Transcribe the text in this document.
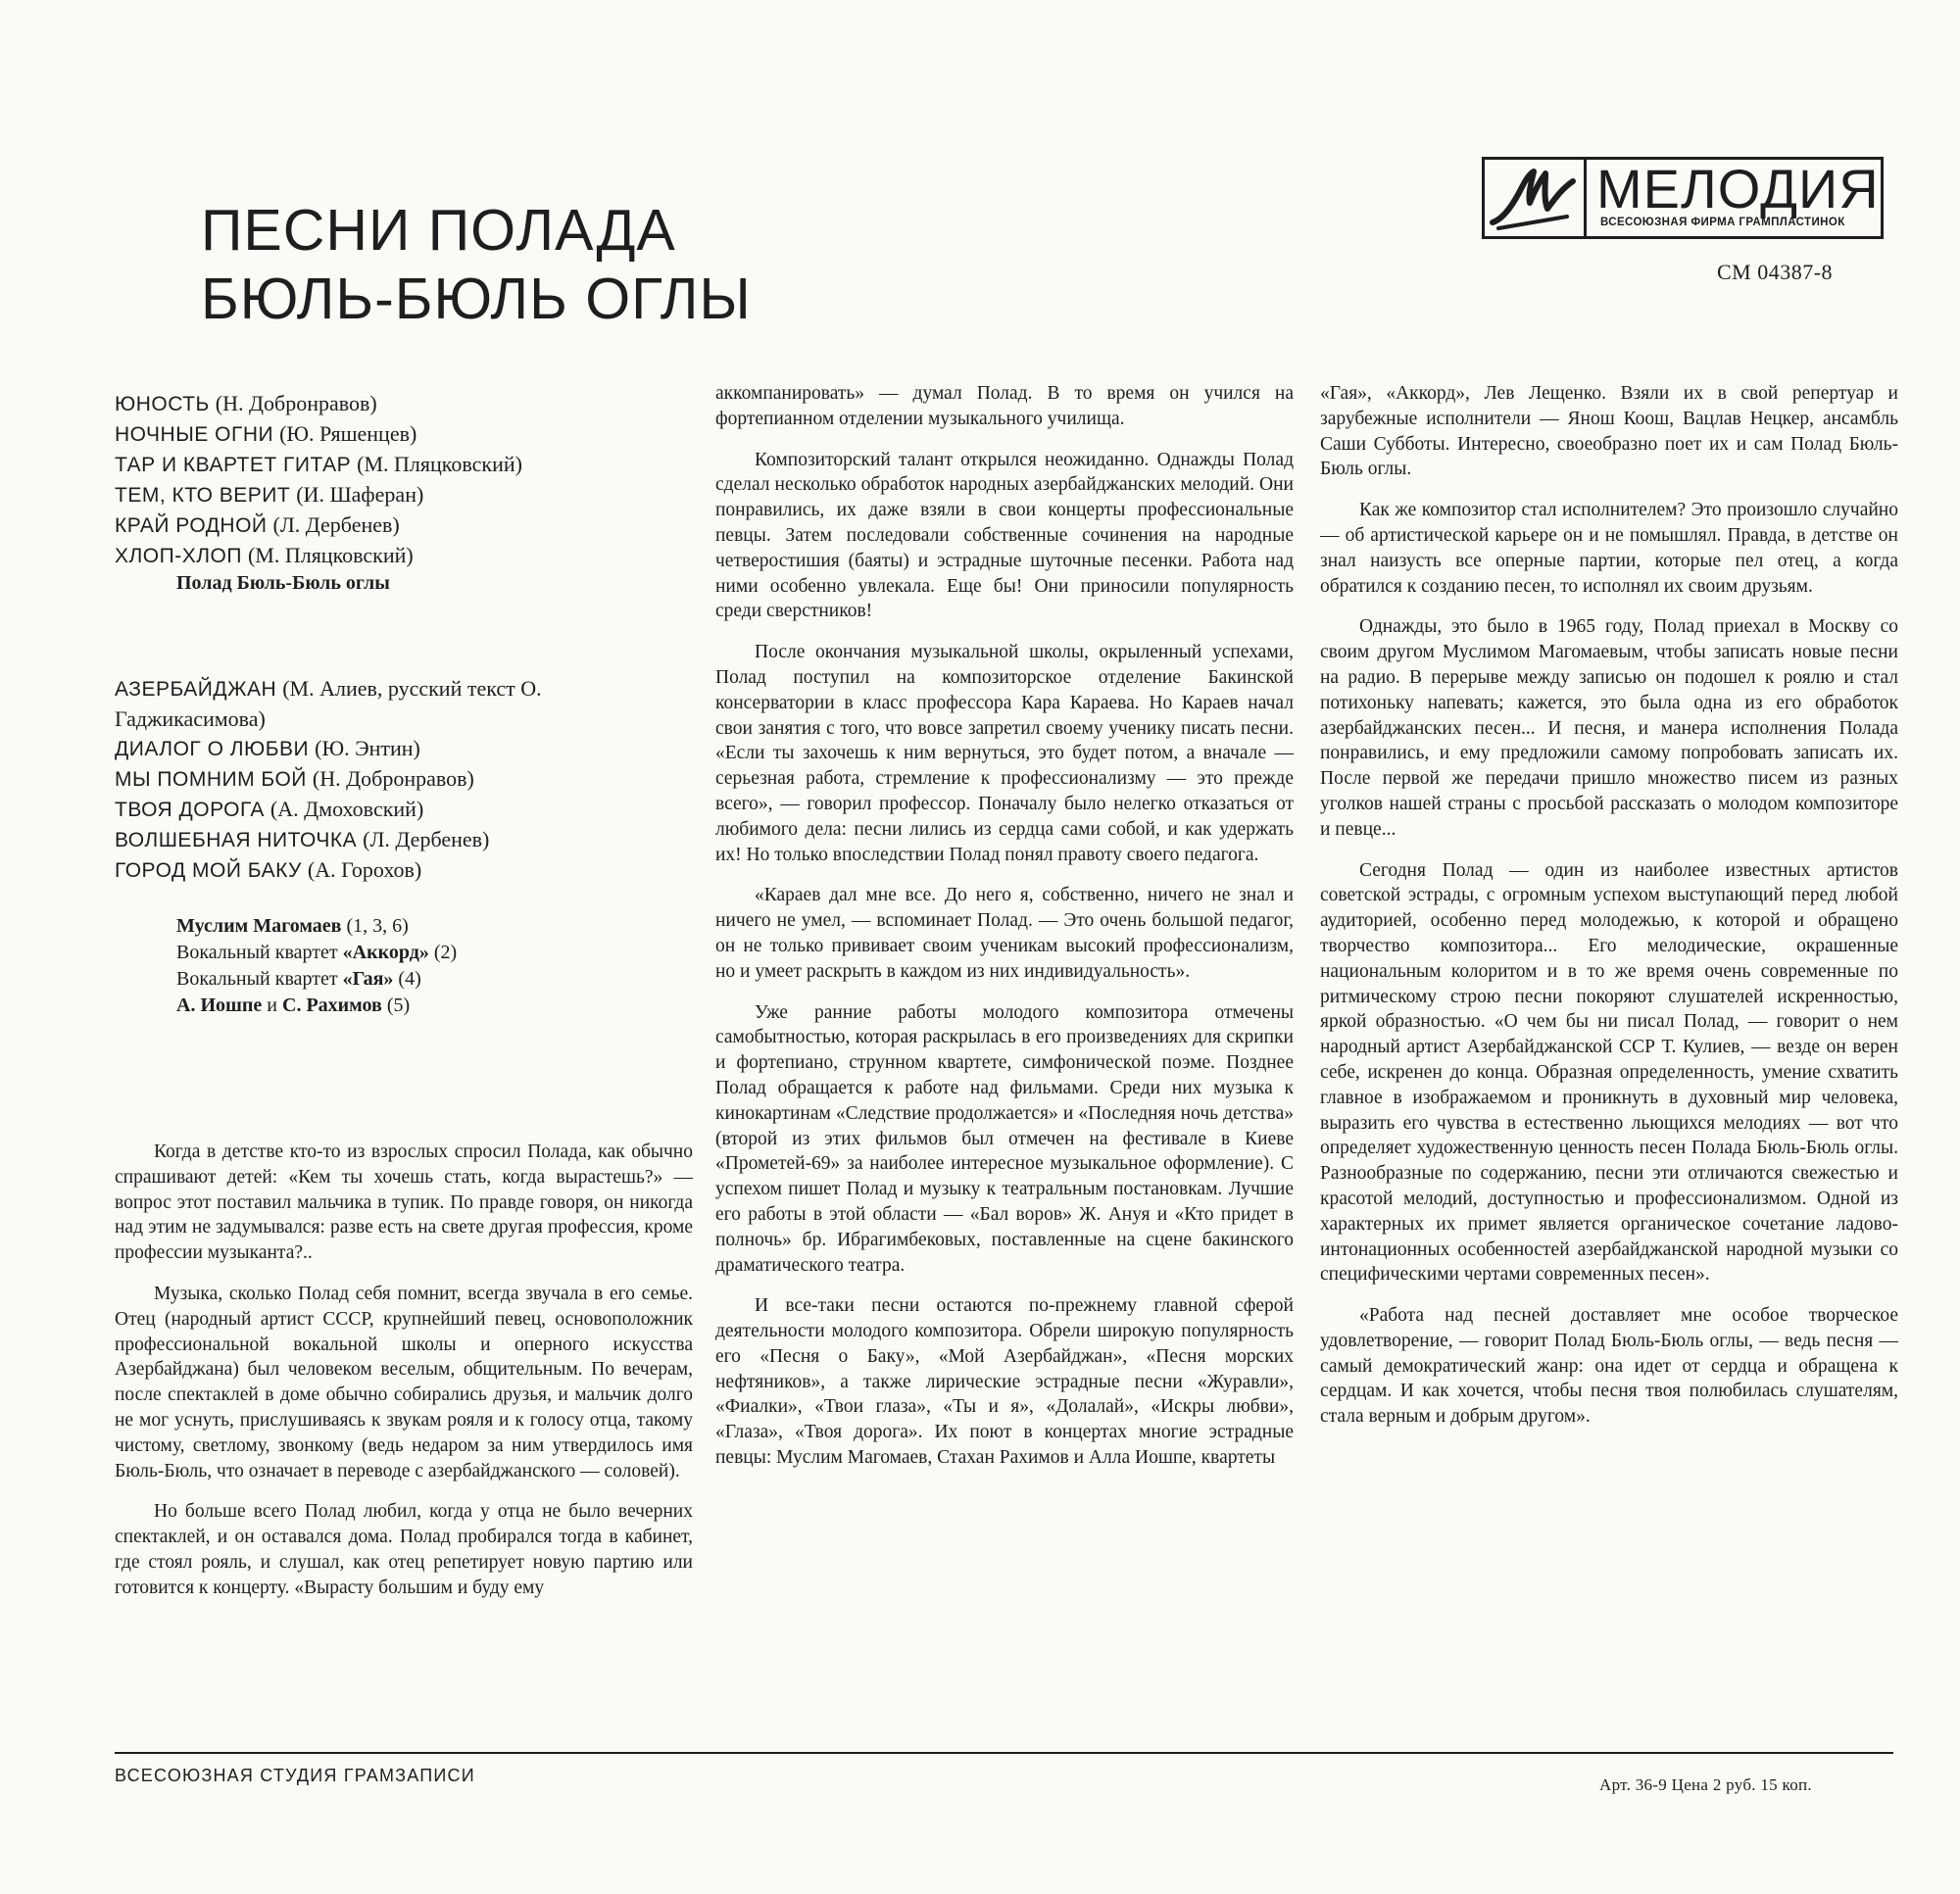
МЕЛОДИЯ
ВСЕСОЮЗНАЯ ФИРМА ГРАМПЛАСТИНОК
СМ 04387-8
ПЕСНИ ПОЛАДА
БЮЛЬ-БЮЛЬ ОГЛЫ
ЮНОСТЬ (Н. Добронравов)
НОЧНЫЕ ОГНИ (Ю. Ряшенцев)
ТАР И КВАРТЕТ ГИТАР (М. Пляцковский)
ТЕМ, КТО ВЕРИТ (И. Шаферан)
КРАЙ РОДНОЙ (Л. Дербенев)
ХЛОП-ХЛОП (М. Пляцковский)
Полад Бюль-Бюль оглы
АЗЕРБАЙДЖАН (М. Алиев, русский текст О. Гаджикасимова)
ДИАЛОГ О ЛЮБВИ (Ю. Энтин)
МЫ ПОМНИМ БОЙ (Н. Добронравов)
ТВОЯ ДОРОГА (А. Дмоховский)
ВОЛШЕБНАЯ НИТОЧКА (Л. Дербенев)
ГОРОД МОЙ БАКУ (А. Горохов)
Муслим Магомаев (1, 3, 6)
Вокальный квартет «Аккорд» (2)
Вокальный квартет «Гая» (4)
А. Иошпе и С. Рахимов (5)

Когда в детстве кто-то из взрослых спросил Полада, как обычно спрашивают детей: «Кем ты хочешь стать, когда вырастешь?» — вопрос этот поставил мальчика в тупик. По правде говоря, он никогда над этим не задумывался: разве есть на свете другая профессия, кроме профессии музыканта?..

Музыка, сколько Полад себя помнит, всегда звучала в его семье. Отец (народный артист СССР, крупнейший певец, основоположник профессиональной вокальной школы и оперного искусства Азербайджана) был человеком веселым, общительным. По вечерам, после спектаклей в доме обычно собирались друзья, и мальчик долго не мог уснуть, прислушиваясь к звукам рояля и к голосу отца, такому чистому, светлому, звонкому (ведь недаром за ним утвердилось имя Бюль-Бюль, что означает в переводе с азербайджанского — соловей).

Но больше всего Полад любил, когда у отца не было вечерних спектаклей, и он оставался дома. Полад пробирался тогда в кабинет, где стоял рояль, и слушал, как отец репетирует новую партию или готовится к концерту. «Вырасту большим и буду ему

аккомпанировать» — думал Полад. В то время он учился на фортепианном отделении музыкального училища.

Композиторский талант открылся неожиданно. Однажды Полад сделал несколько обработок народных азербайджанских мелодий. Они понравились, их даже взяли в свои концерты профессиональные певцы. Затем последовали собственные сочинения на народные четверостишия (баяты) и эстрадные шуточные песенки. Работа над ними особенно увлекала. Еще бы! Они приносили популярность среди сверстников!

После окончания музыкальной школы, окрыленный успехами, Полад поступил на композиторское отделение Бакинской консерватории в класс профессора Кара Караева. Но Караев начал свои занятия с того, что вовсе запретил своему ученику писать песни. «Если ты захочешь к ним вернуться, это будет потом, а вначале — серьезная работа, стремление к профессионализму — это прежде всего», — говорил профессор. Поначалу было нелегко отказаться от любимого дела: песни лились из сердца сами собой, и как удержать их! Но только впоследствии Полад понял правоту своего педагога.

«Караев дал мне все. До него я, собственно, ничего не знал и ничего не умел, — вспоминает Полад. — Это очень большой педагог, он не только прививает своим ученикам высокий профессионализм, но и умеет раскрыть в каждом из них индивидуальность».

Уже ранние работы молодого композитора отмечены самобытностью, которая раскрылась в его произведениях для скрипки и фортепиано, струнном квартете, симфонической поэме. Позднее Полад обращается к работе над фильмами. Среди них музыка к кинокартинам «Следствие продолжается» и «Последняя ночь детства» (второй из этих фильмов был отмечен на фестивале в Киеве «Прометей-69» за наиболее интересное музыкальное оформление). С успехом пишет Полад и музыку к театральным постановкам. Лучшие его работы в этой области — «Бал воров» Ж. Ануя и «Кто придет в полночь» бр. Ибрагимбековых, поставленные на сцене бакинского драматического театра.

И все-таки песни остаются по-прежнему главной сферой деятельности молодого композитора. Обрели широкую популярность его «Песня о Баку», «Мой Азербайджан», «Песня морских нефтяников», а также лирические эстрадные песни «Журавли», «Фиалки», «Твои глаза», «Ты и я», «Долалай», «Искры любви», «Глаза», «Твоя дорога». Их поют в концертах многие эстрадные певцы: Муслим Магомаев, Стахан Рахимов и Алла Иошпе, квартеты

«Гая», «Аккорд», Лев Лещенко. Взяли их в свой репертуар и зарубежные исполнители — Янош Коош, Вацлав Нецкер, ансамбль Саши Субботы. Интересно, своеобразно поет их и сам Полад Бюль-Бюль оглы.

Как же композитор стал исполнителем? Это произошло случайно — об артистической карьере он и не помышлял. Правда, в детстве он знал наизусть все оперные партии, которые пел отец, а когда обратился к созданию песен, то исполнял их своим друзьям.

Однажды, это было в 1965 году, Полад приехал в Москву со своим другом Муслимом Магомаевым, чтобы записать новые песни на радио. В перерыве между записью он подошел к роялю и стал потихоньку напевать; кажется, это была одна из его обработок азербайджанских песен... И песня, и манера исполнения Полада понравились, и ему предложили самому попробовать записать их. После первой же передачи пришло множество писем из разных уголков нашей страны с просьбой рассказать о молодом композиторе и певце...

Сегодня Полад — один из наиболее известных артистов советской эстрады, с огромным успехом выступающий перед любой аудиторией, особенно перед молодежью, к которой и обращено творчество композитора... Его мелодические, окрашенные национальным колоритом и в то же время очень современные по ритмическому строю песни покоряют слушателей искренностью, яркой образностью. «О чем бы ни писал Полад, — говорит о нем народный артист Азербайджанской ССР Т. Кулиев, — везде он верен себе, искренен до конца. Образная определенность, умение схватить главное в изображаемом и проникнуть в духовный мир человека, выразить его чувства в естественно льющихся мелодиях — вот что определяет художественную ценность песен Полада Бюль-Бюль оглы. Разнообразные по содержанию, песни эти отличаются свежестью и красотой мелодий, доступностью и профессионализмом. Одной из характерных их примет является органическое сочетание ладово-интонационных особенностей азербайджанской народной музыки со специфическими чертами современных песен».

«Работа над песней доставляет мне особое творческое удовлетворение, — говорит Полад Бюль-Бюль оглы, — ведь песня — самый демократический жанр: она идет от сердца и обращена к сердцам. И как хочется, чтобы песня твоя полюбилась слушателям, стала верным и добрым другом».

ВСЕСОЮЗНАЯ СТУДИЯ ГРАМЗАПИСИ	Арт. 36-9 Цена 2 руб. 15 коп.
